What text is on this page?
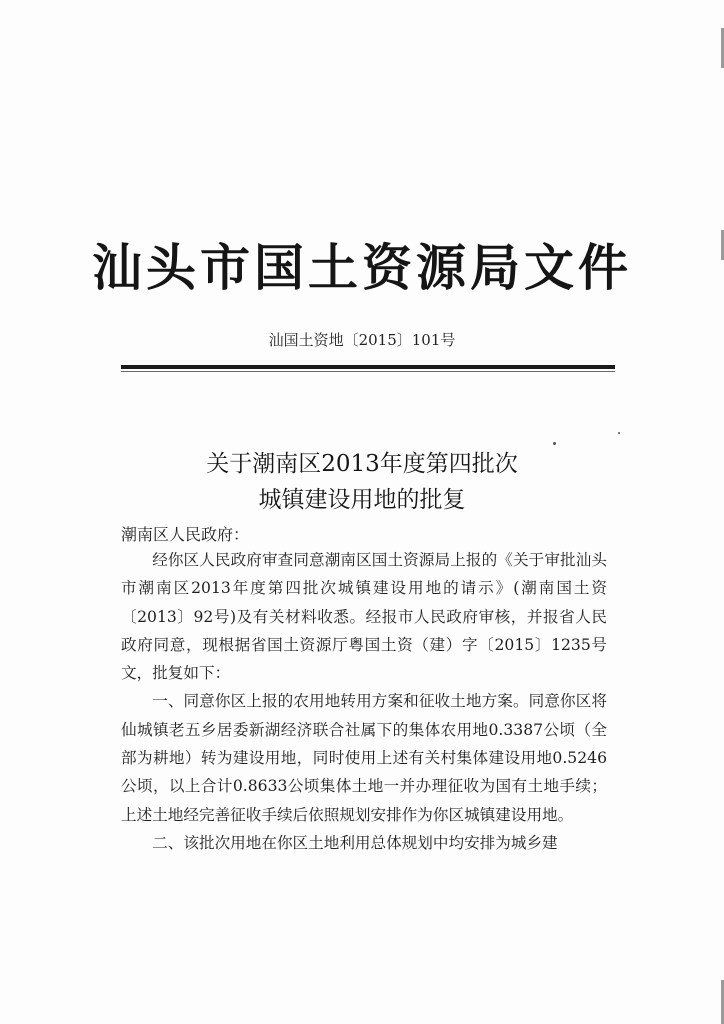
汕头市国土资源局文件
汕国土资地〔2015〕101号
关于潮南区2013年度第四批次
城镇建设用地的批复
潮南区人民政府：

经你区人民政府审查同意潮南区国土资源局上报的《关于审批汕头市潮南区2013年度第四批次城镇建设用地的请示》(潮南国土资〔2013〕92号)及有关材料收悉。经报市人民政府审核，并报省人民政府同意，现根据省国土资源厅粤国土资（建）字〔2015〕1235号文，批复如下：

一、同意你区上报的农用地转用方案和征收土地方案。同意你区将仙城镇老五乡居委新湖经济联合社属下的集体农用地0.3387公顷（全部为耕地）转为建设用地，同时使用上述有关村集体建设用地0.5246公顷，以上合计0.8633公顷集体土地一并办理征收为国有土地手续；上述土地经完善征收手续后依照规划安排作为你区城镇建设用地。

二、该批次用地在你区土地利用总体规划中均安排为城乡建
